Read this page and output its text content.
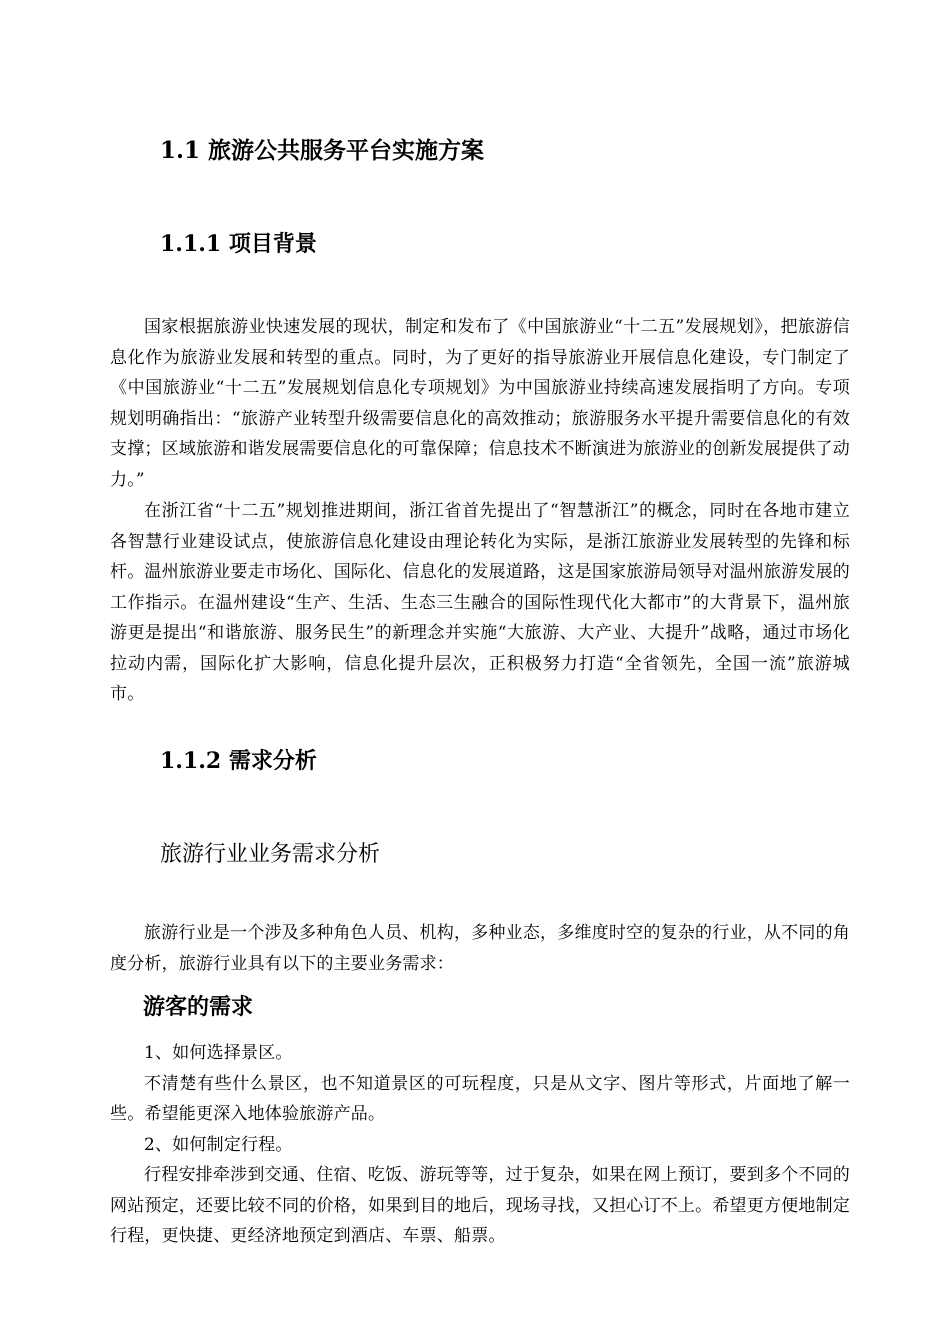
1.1 旅游公共服务平台实施方案
1.1.1 项目背景

国家根据旅游业快速发展的现状，制定和发布了《中国旅游业“十二五”发展规划》，把旅游信息化作为旅游业发展和转型的重点。同时，为了更好的指导旅游业开展信息化建设，专门制定了《中国旅游业“十二五”发展规划信息化专项规划》为中国旅游业持续高速发展指明了方向。专项规划明确指出：“旅游产业转型升级需要信息化的高效推动；旅游服务水平提升需要信息化的有效支撑；区域旅游和谐发展需要信息化的可靠保障；信息技术不断演进为旅游业的创新发展提供了动力。”

在浙江省“十二五”规划推进期间，浙江省首先提出了“智慧浙江”的概念，同时在各地市建立各智慧行业建设试点，使旅游信息化建设由理论转化为实际，是浙江旅游业发展转型的先锋和标杆。温州旅游业要走市场化、国际化、信息化的发展道路，这是国家旅游局领导对温州旅游发展的工作指示。在温州建设“生产、生活、生态三生融合的国际性现代化大都市”的大背景下，温州旅游更是提出“和谐旅游、服务民生”的新理念并实施“大旅游、大产业、大提升”战略，通过市场化拉动内需，国际化扩大影响，信息化提升层次，正积极努力打造“全省领先，全国一流”旅游城市。

1.1.2 需求分析
旅游行业业务需求分析

旅游行业是一个涉及多种角色人员、机构，多种业态，多维度时空的复杂的行业，从不同的角度分析，旅游行业具有以下的主要业务需求：

游客的需求

1、如何选择景区。

不清楚有些什么景区，也不知道景区的可玩程度，只是从文字、图片等形式，片面地了解一些。希望能更深入地体验旅游产品。

2、如何制定行程。

行程安排牵涉到交通、住宿、吃饭、游玩等等，过于复杂，如果在网上预订，要到多个不同的网站预定，还要比较不同的价格，如果到目的地后，现场寻找，又担心订不上。希望更方便地制定行程，更快捷、更经济地预定到酒店、车票、船票。
